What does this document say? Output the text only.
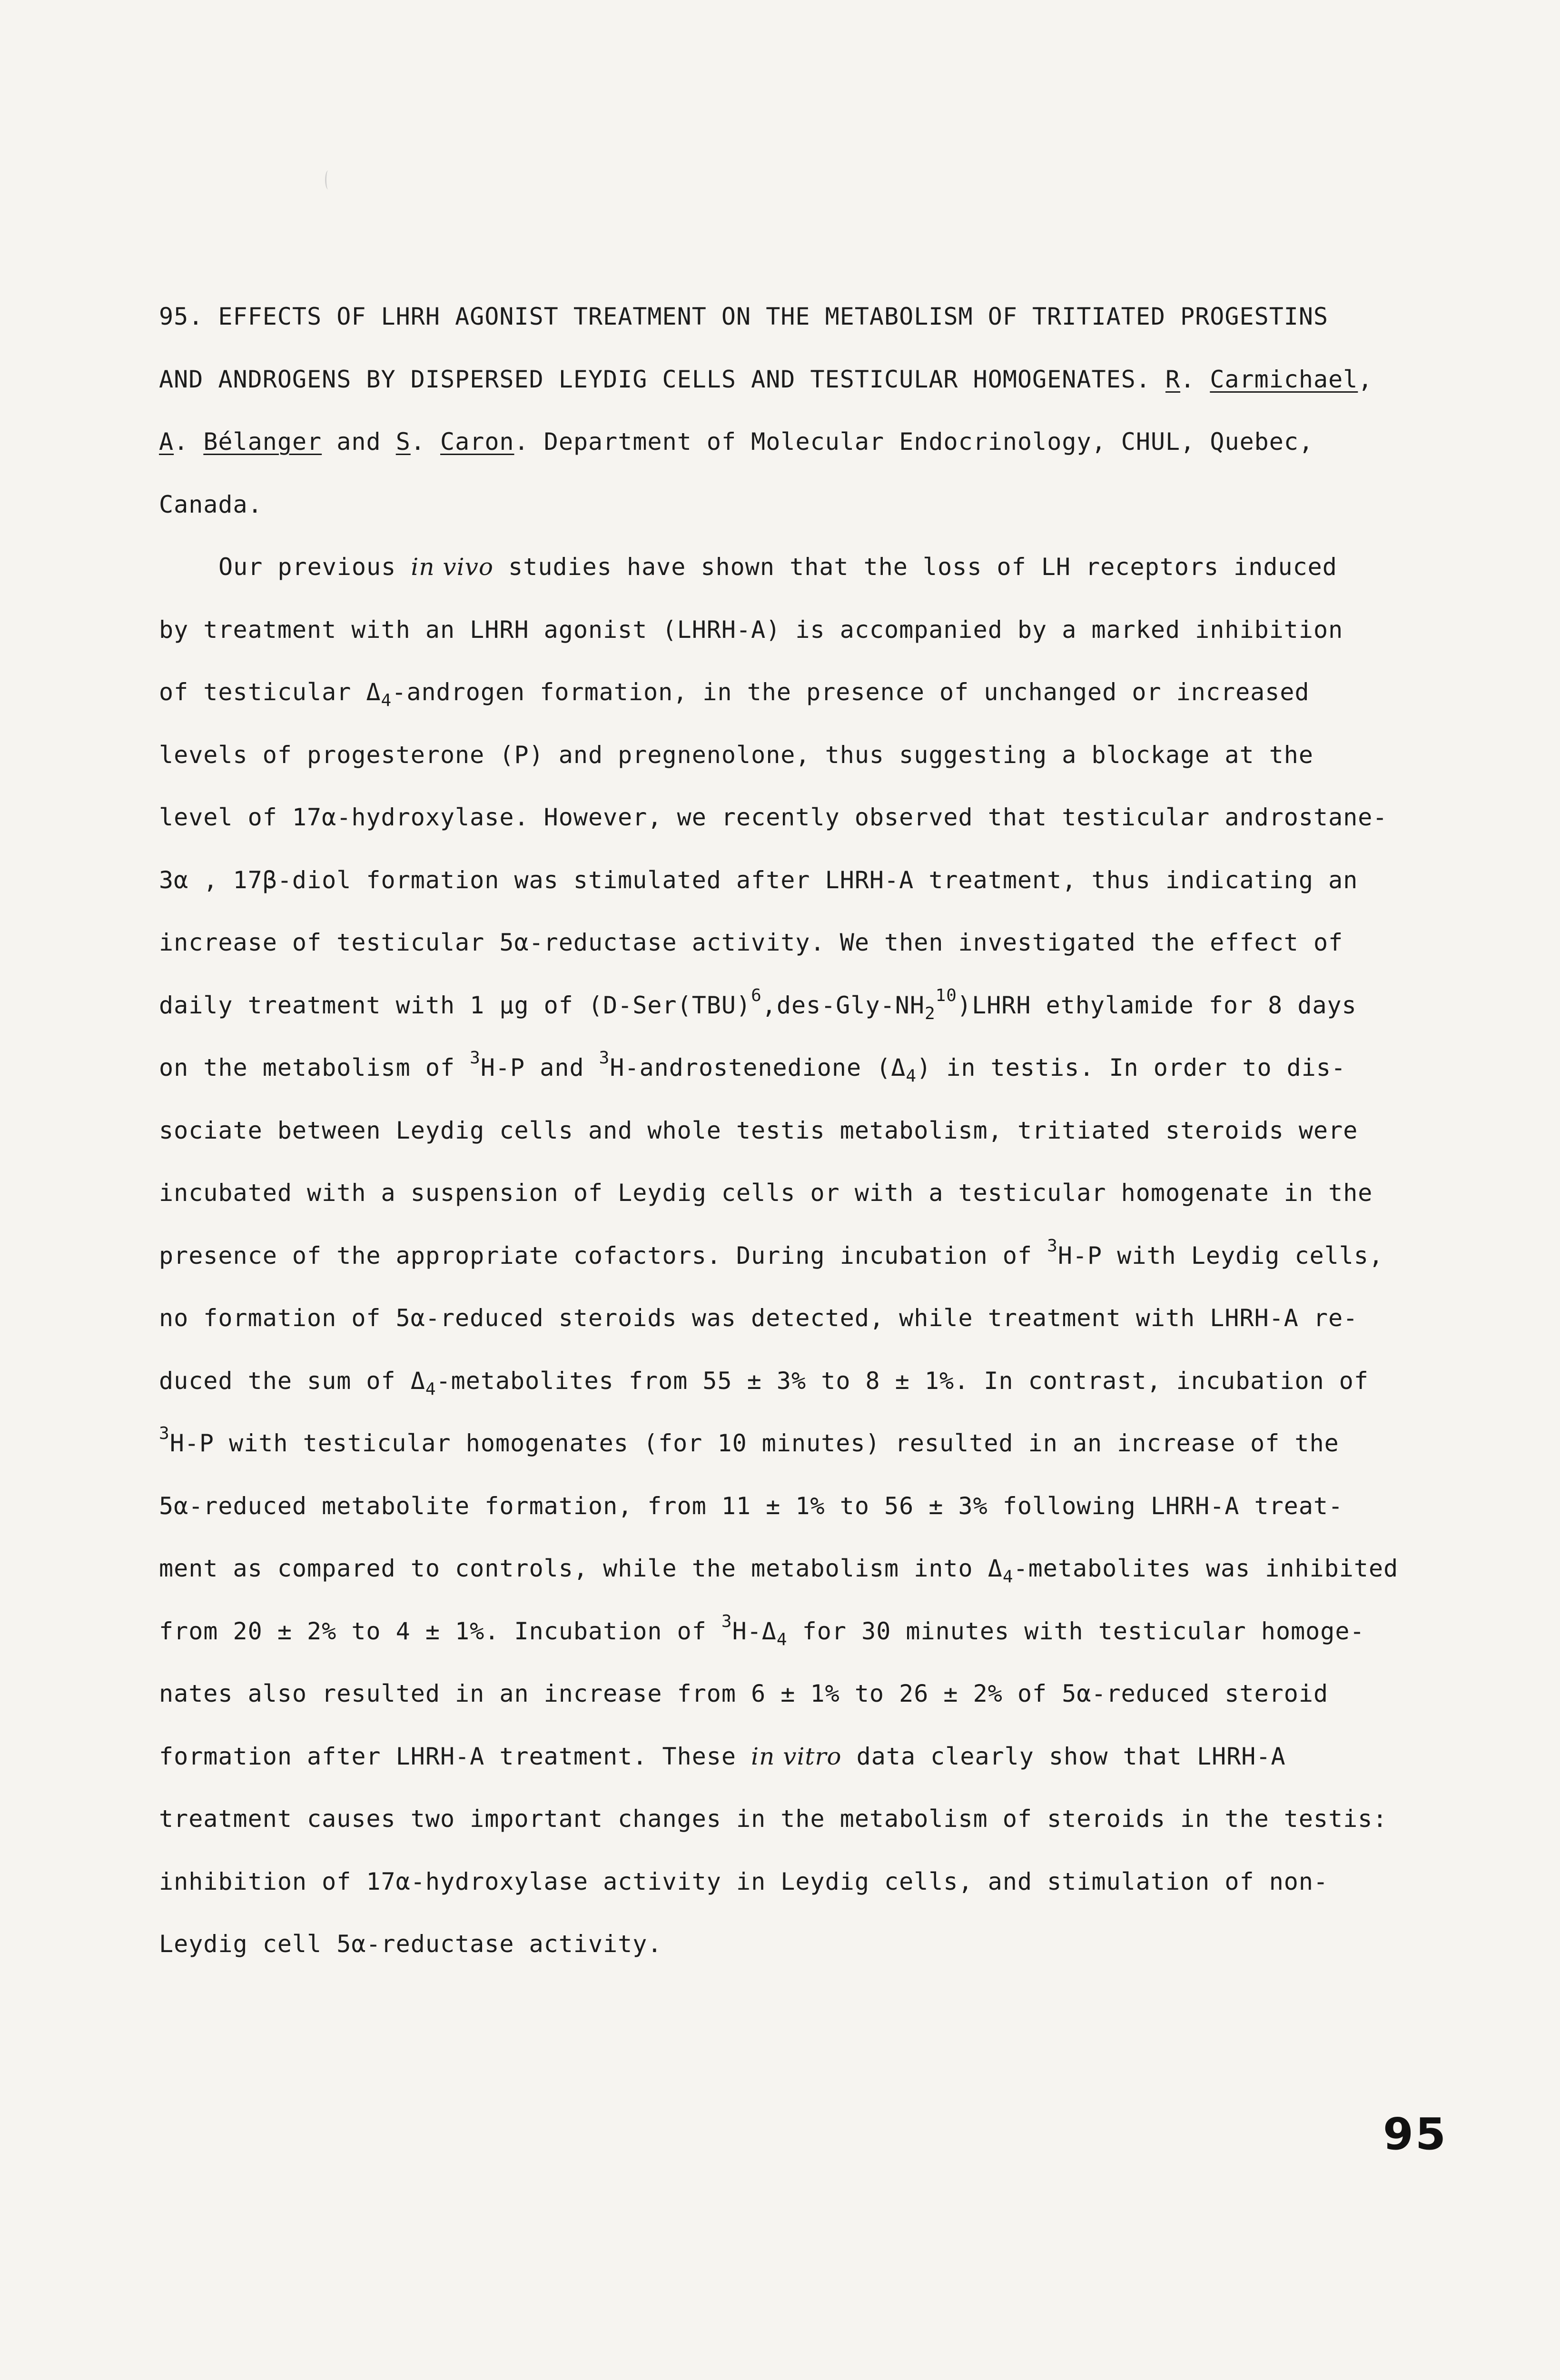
95. EFFECTS OF LHRH AGONIST TREATMENT ON THE METABOLISM OF TRITIATED PROGESTINS
AND ANDROGENS BY DISPERSED LEYDIG CELLS AND TESTICULAR HOMOGENATES. R. Carmichael,
A. Bélanger and S. Caron. Department of Molecular Endocrinology, CHUL, Quebec,
Canada.
Our previous in vivo studies have shown that the loss of LH receptors induced
by treatment with an LHRH agonist (LHRH-A) is accompanied by a marked inhibition
of testicular $\Delta_4$-androgen formation, in the presence of unchanged or increased
levels of progesterone (P) and pregnenolone, thus suggesting a blockage at the
level of 17α-hydroxylase. However, we recently observed that testicular androstane-
3α , 17β-diol formation was stimulated after LHRH-A treatment, thus indicating an
increase of testicular 5α-reductase activity. We then investigated the effect of
daily treatment with 1 µg of $(D-Ser(TBU)^6,des-Gly-NH_2^{10})LHRH$ ethylamide for 8 days
on the metabolism of $^3$H-P and $^3$H-androstenedione $(\Delta_4)$ in testis. In order to dis-
sociate between Leydig cells and whole testis metabolism, tritiated steroids were
incubated with a suspension of Leydig cells or with a testicular homogenate in the
presence of the appropriate cofactors. During incubation of $^3$H-P with Leydig cells,
no formation of 5α-reduced steroids was detected, while treatment with LHRH-A re-
duced the sum of $\Delta_4$-metabolites from 55 ± 3% to 8 ± 1%. In contrast, incubation of
$^3$H-P with testicular homogenates (for 10 minutes) resulted in an increase of the
5α-reduced metabolite formation, from 11 ± 1% to 56 ± 3% following LHRH-A treat-
ment as compared to controls, while the metabolism into $\Delta_4$-metabolites was inhibited
from 20 ± 2% to 4 ± 1%. Incubation of $^3H-\Delta_4$ for 30 minutes with testicular homoge-
nates also resulted in an increase from 6 ± 1% to 26 ± 2% of 5α-reduced steroid
formation after LHRH-A treatment. These in vitro data clearly show that LHRH-A
treatment causes two important changes in the metabolism of steroids in the testis:
inhibition of 17α-hydroxylase activity in Leydig cells, and stimulation of non-
Leydig cell 5α-reductase activity.
95
